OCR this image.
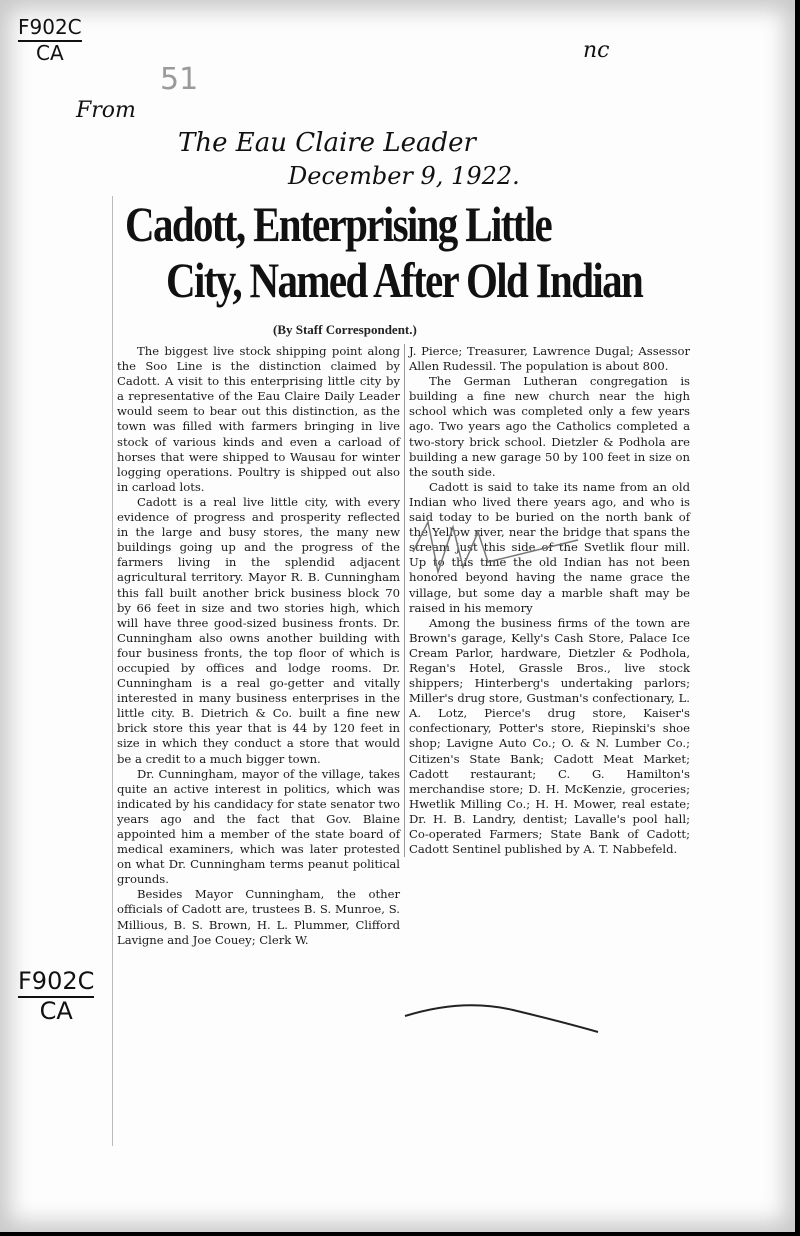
F902C
CA
51
nc
From
The Eau Claire Leader
December 9, 1922.
Cadott, Enterprising Little
City, Named After Old Indian
(By Staff Correspondent.)

The biggest live stock shipping point along the Soo Line is the distinction claimed by Cadott. A visit to this enterprising little city by a representative of the Eau Claire Daily Leader would seem to bear out this distinction, as the town was filled with farmers bringing in live stock of various kinds and even a carload of horses that were shipped to Wausau for winter logging operations. Poultry is shipped out also in carload lots.

Cadott is a real live little city, with every evidence of progress and prosperity reflected in the large and busy stores, the many new buildings going up and the progress of the farmers living in the splendid adjacent agricultural territory. Mayor R. B. Cunningham this fall built another brick business block 70 by 66 feet in size and two stories high, which will have three good-sized business fronts. Dr. Cunningham also owns another building with four business fronts, the top floor of which is occupied by offices and lodge rooms. Dr. Cunningham is a real go-getter and vitally interested in many business enterprises in the little city. B. Dietrich & Co. built a fine new brick store this year that is 44 by 120 feet in size in which they conduct a store that would be a credit to a much bigger town.

Dr. Cunningham, mayor of the village, takes quite an active interest in politics, which was indicated by his candidacy for state senator two years ago and the fact that Gov. Blaine appointed him a member of the state board of medical examiners, which was later protested on what Dr. Cunningham terms peanut political grounds.

Besides Mayor Cunningham, the other officials of Cadott are, trustees B. S. Munroe, S. Millious, B. S. Brown, H. L. Plummer, Clifford Lavigne and Joe Couey; Clerk W.

J. Pierce; Treasurer, Lawrence Dugal; Assessor Allen Rudessil. The population is about 800.

The German Lutheran congregation is building a fine new church near the high school which was completed only a few years ago. Two years ago the Catholics completed a two-story brick school. Dietzler & Podhola are building a new garage 50 by 100 feet in size on the south side.

Cadott is said to take its name from an old Indian who lived there years ago, and who is said today to be buried on the north bank of the Yellow river, near the bridge that spans the stream just this side of the Svetlik flour mill. Up to this time the old Indian has not been honored beyond having the name grace the village, but some day a marble shaft may be raised in his memory

Among the business firms of the town are Brown's garage, Kelly's Cash Store, Palace Ice Cream Parlor, hardware, Dietzler & Podhola, Regan's Hotel, Grassle Bros., live stock shippers; Hinterberg's undertaking parlors; Miller's drug store, Gustman's confectionary, L. A. Lotz, Pierce's drug store, Kaiser's confectionary, Potter's store, Riepinski's shoe shop; Lavigne Auto Co.; O. & N. Lumber Co.; Citizen's State Bank; Cadott Meat Market; Cadott restaurant; C. G. Hamilton's merchandise store; D. H. McKenzie, groceries; Hwetlik Milling Co.; H. H. Mower, real estate; Dr. H. B. Landry, dentist; Lavalle's pool hall; Co-operated Farmers; State Bank of Cadott; Cadott Sentinel published by A. T. Nabbefeld.

F902C
CA
